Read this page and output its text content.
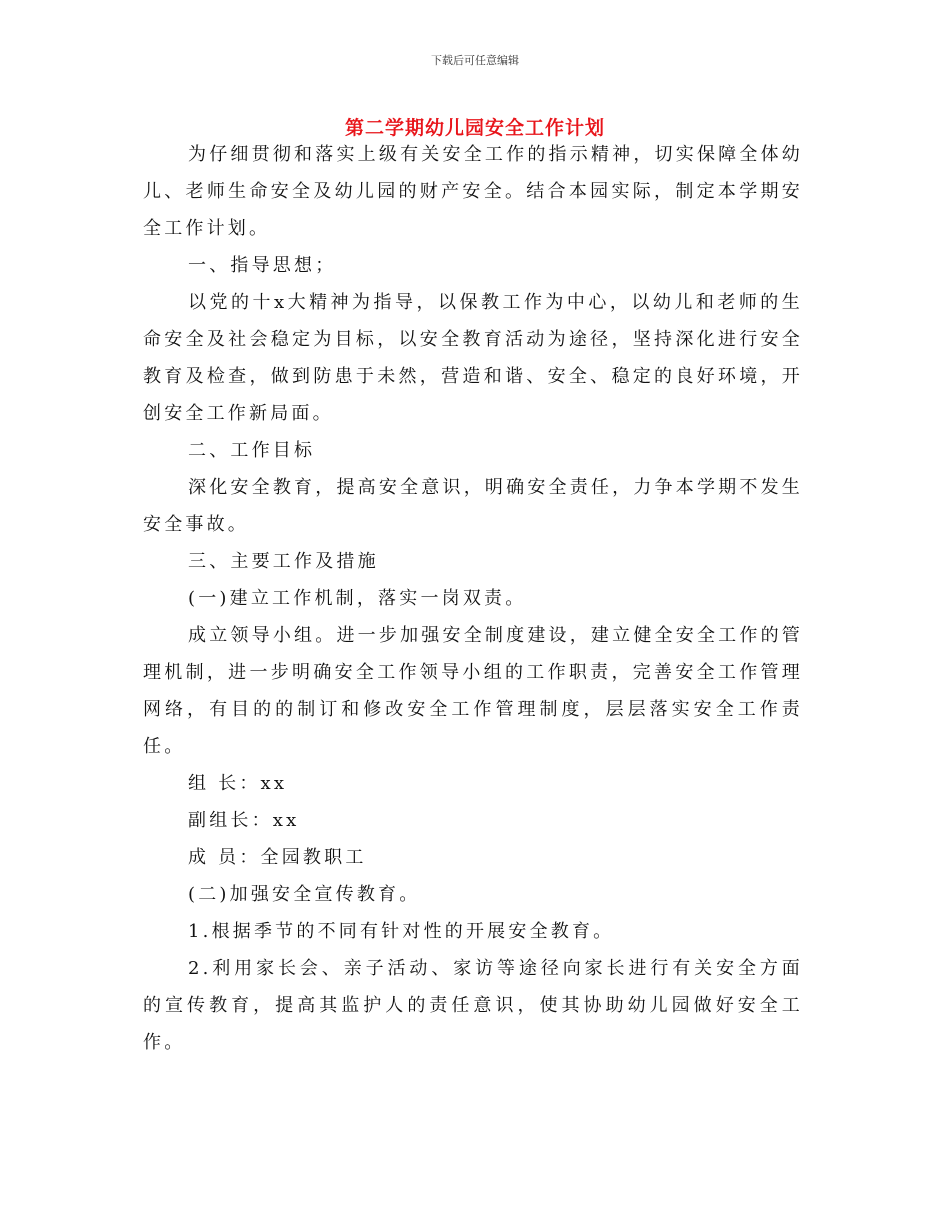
下载后可任意编辑
第二学期幼儿园安全工作计划

为仔细贯彻和落实上级有关安全工作的指示精神，切实保障全体幼儿、老师生命安全及幼儿园的财产安全。结合本园实际，制定本学期安全工作计划。

一、指导思想；

以党的十x大精神为指导，以保教工作为中心，以幼儿和老师的生命安全及社会稳定为目标，以安全教育活动为途径，坚持深化进行安全教育及检查，做到防患于未然，营造和谐、安全、稳定的良好环境，开创安全工作新局面。

二、工作目标

深化安全教育，提高安全意识，明确安全责任，力争本学期不发生安全事故。

三、主要工作及措施

(一)建立工作机制，落实一岗双责。

成立领导小组。进一步加强安全制度建设，建立健全安全工作的管理机制，进一步明确安全工作领导小组的工作职责，完善安全工作管理网络，有目的的制订和修改安全工作管理制度，层层落实安全工作责任。

组 长：xx

副组长：xx

成 员：全园教职工

(二)加强安全宣传教育。

1.根据季节的不同有针对性的开展安全教育。

2.利用家长会、亲子活动、家访等途径向家长进行有关安全方面的宣传教育，提高其监护人的责任意识，使其协助幼儿园做好安全工作。
